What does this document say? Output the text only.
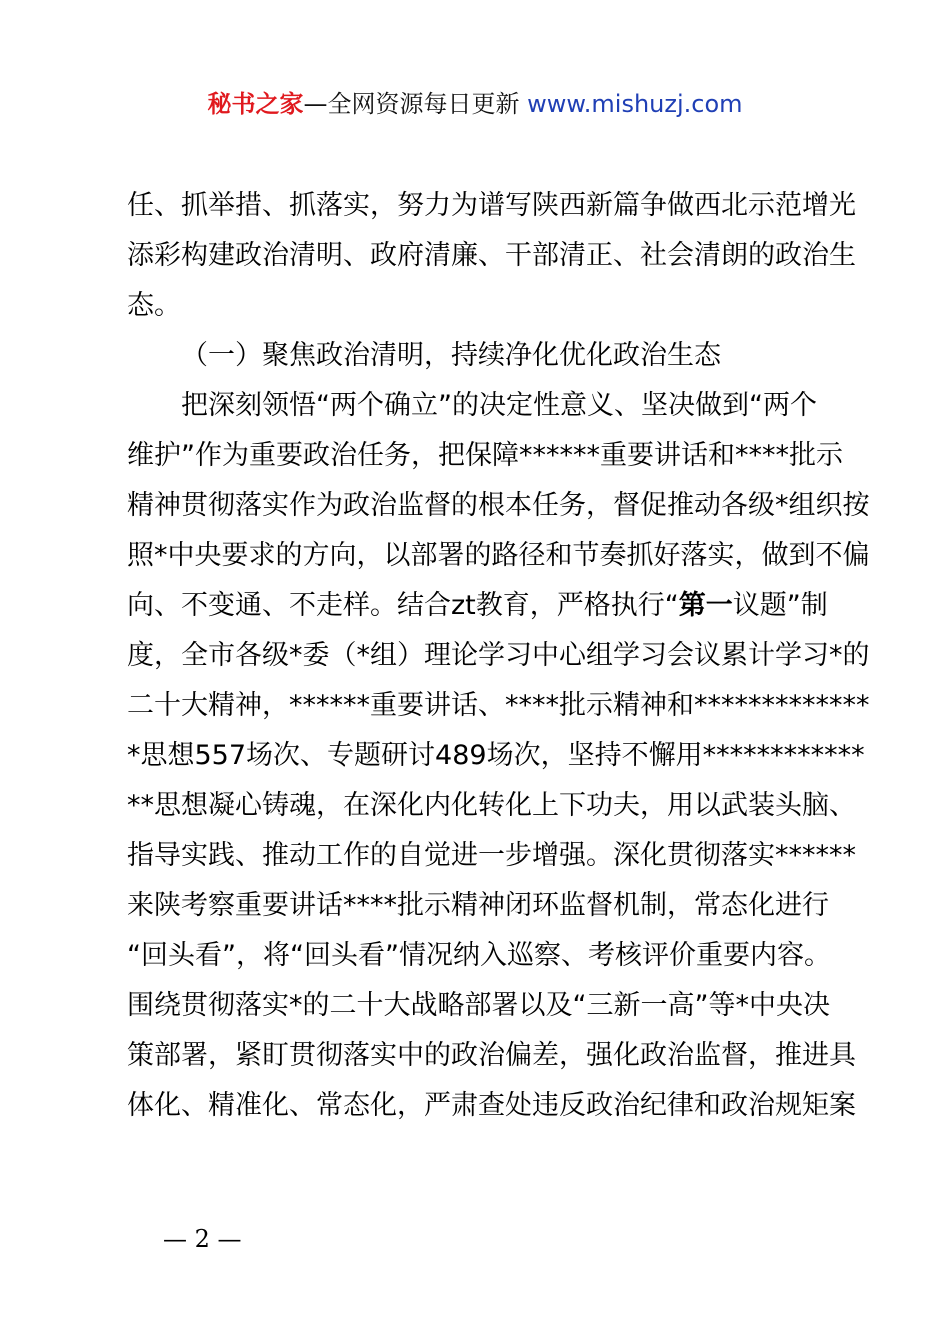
秘书之家—全网资源每日更新 www.mishuzj.com
任、抓举措、抓落实，努力为谱写陕西新篇争做西北示范增光
添彩构建政治清明、政府清廉、干部清正、社会清朗的政治生
态。
（一）聚焦政治清明，持续净化优化政治生态
把深刻领悟“两个确立”的决定性意义、坚决做到“两个
维护”作为重要政治任务，把保障******重要讲话和****批示
精神贯彻落实作为政治监督的根本任务，督促推动各级*组织按
照*中央要求的方向，以部署的路径和节奏抓好落实，做到不偏
向、不变通、不走样。结合zt教育，严格执行“第一议题”制
度，全市各级*委（*组）理论学习中心组学习会议累计学习*的
二十大精神，******重要讲话、****批示精神和*************
*思想557场次、专题研讨489场次，坚持不懈用************
**思想凝心铸魂，在深化内化转化上下功夫，用以武装头脑、
指导实践、推动工作的自觉进一步增强。深化贯彻落实******
来陕考察重要讲话****批示精神闭环监督机制，常态化进行
“回头看”，将“回头看”情况纳入巡察、考核评价重要内容。
围绕贯彻落实*的二十大战略部署以及“三新一高”等*中央决
策部署，紧盯贯彻落实中的政治偏差，强化政治监督，推进具
体化、精准化、常态化，严肃查处违反政治纪律和政治规矩案
— 2 —
